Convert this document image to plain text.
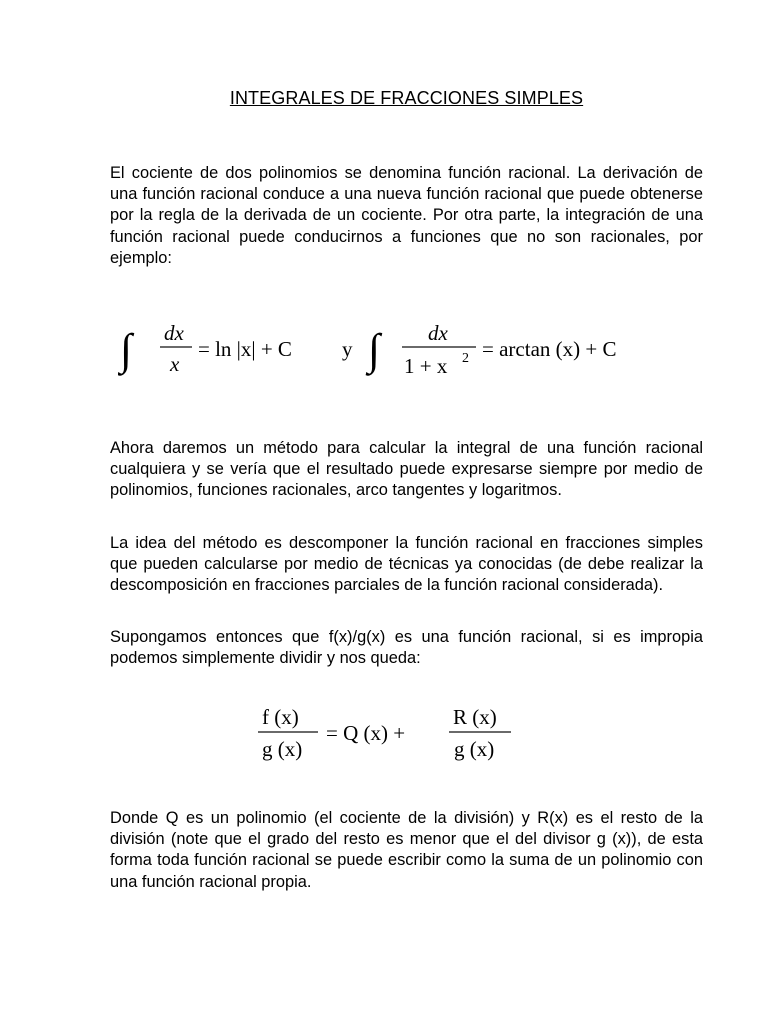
INTEGRALES DE FRACCIONES SIMPLES

El cociente de dos polinomios se denomina función racional. La derivación de una función racional conduce a una nueva función racional que puede obtenerse por la regla de la derivada de un cociente. Por otra parte, la integración de una función racional puede conducirnos a funciones que no son racionales, por ejemplo:

Ahora daremos un método para calcular la integral de una función racional cualquiera y se vería que el resultado puede expresarse siempre por medio de polinomios, funciones racionales, arco tangentes y logaritmos.

La idea del método es descomponer la función racional en fracciones simples que pueden calcularse por medio de técnicas ya conocidas (de debe realizar la descomposición en fracciones parciales de la función racional considerada).

Supongamos entonces que f(x)/g(x) es una función racional, si es impropia podemos simplemente dividir y nos queda:

Donde Q es un polinomio (el cociente de la división) y R(x) es el resto de la división (note que el grado del resto es menor que el del divisor g (x)), de esta forma toda función racional se puede escribir como la suma de un polinomio con una función racional propia.

∫ dx
x
= ln |x| + C y ∫ dx
1 + x 2 = arctan (x) + C
f (x)
g (x)
= Q (x) +
R (x)
g (x)
